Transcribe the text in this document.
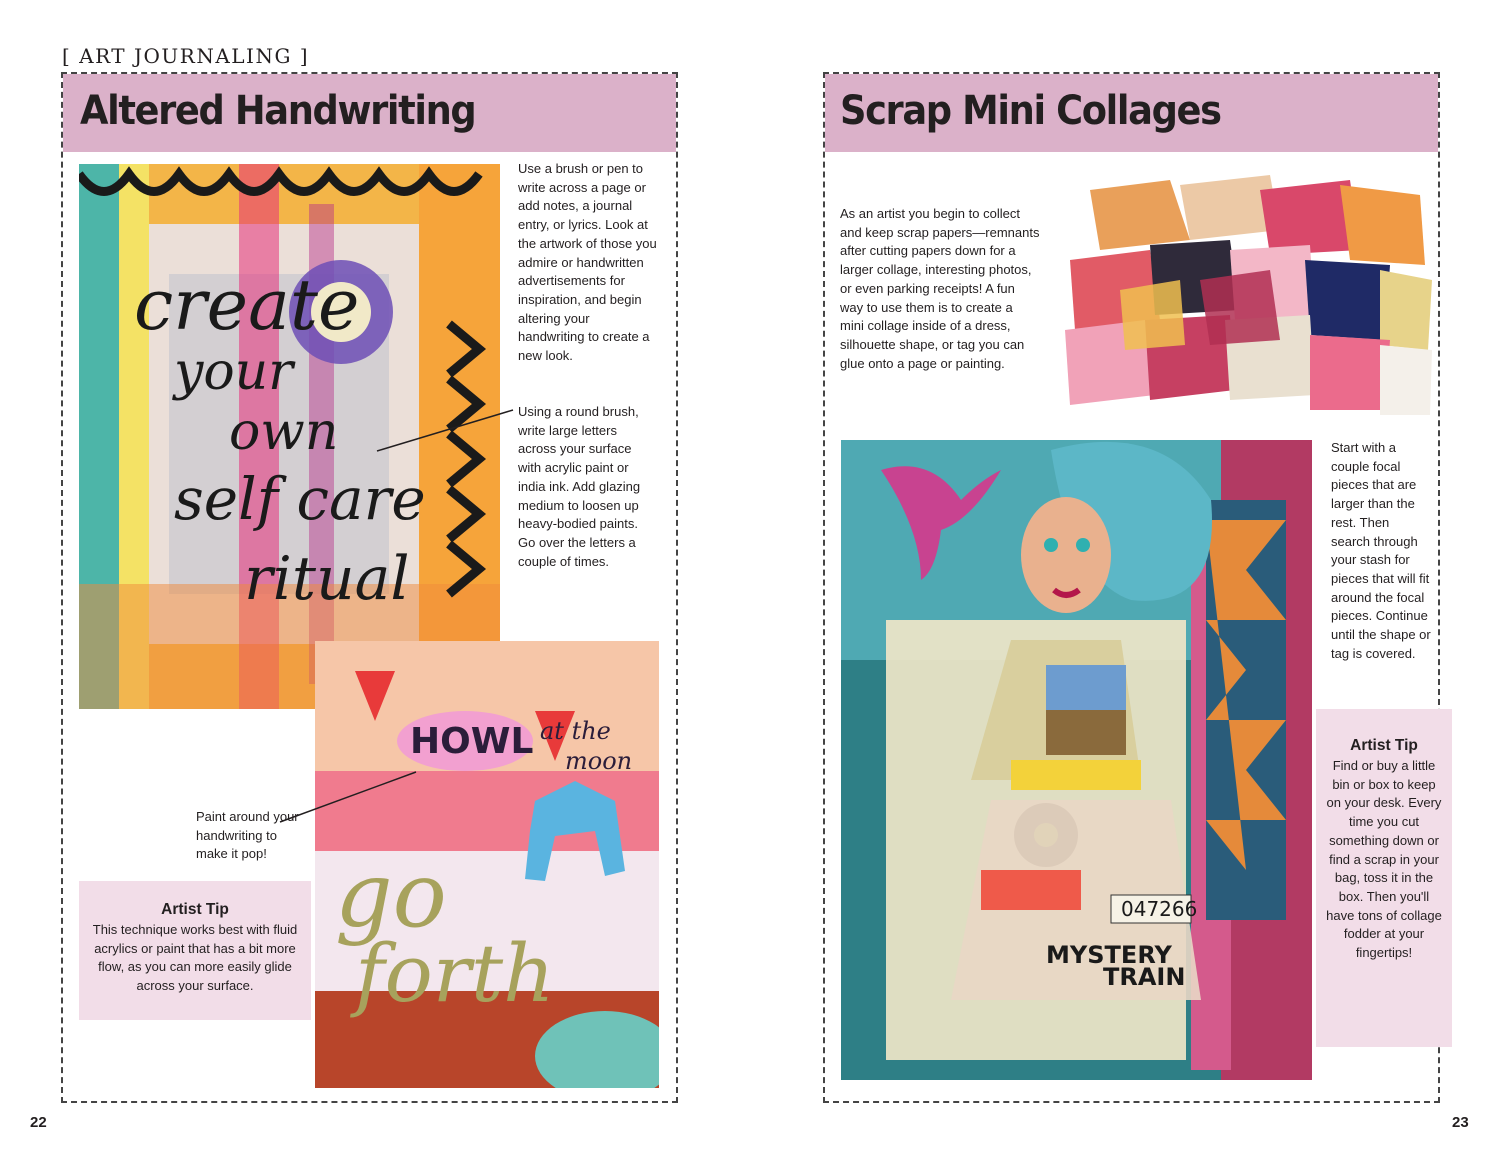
[ ART JOURNALING ]
Altered Handwriting
create
your
own
self care
ritual
Use a brush or pen to write across a page or add notes, a journal entry, or lyrics. Look at the artwork of those you admire or handwritten advertisements for inspiration, and begin altering your handwriting to create a new look.
Using a round brush, write large letters across your surface with acrylic paint or india ink. Add glazing medium to loosen up heavy-bodied paints. Go over the letters a couple of times.
HOWL at the
moon
go
forth
Paint around your handwriting to make it pop!
Artist Tip
This technique works best with fluid acrylics or paint that has a bit more flow, as you can more easily glide across your surface.
22
Scrap Mini Collages
As an artist you begin to collect and keep scrap papers—remnants after cutting papers down for a larger collage, interesting photos, or even parking receipts! A fun way to use them is to create a mini collage inside of a dress, silhouette shape, or tag you can glue onto a page or painting.
047266
MYSTERY
TRAIN
Start with a couple focal pieces that are larger than the rest. Then search through your stash for pieces that will fit around the focal pieces. Continue until the shape or tag is covered.
Artist Tip
Find or buy a little bin or box to keep on your desk. Every time you cut something down or find a scrap in your bag, toss it in the box. Then you'll have tons of collage fodder at your fingertips!
23
